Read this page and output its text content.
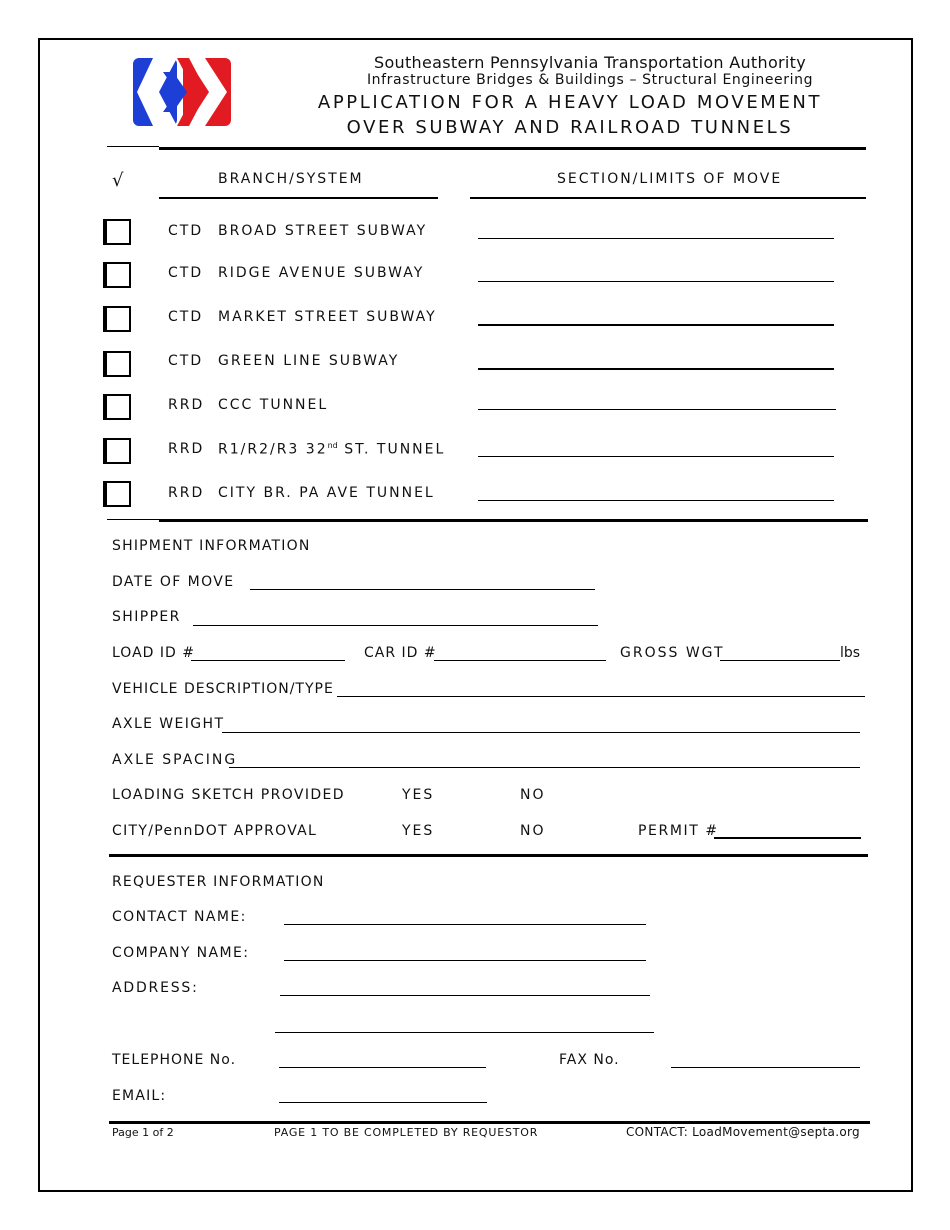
Southeastern Pennsylvania Transportation Authority
Infrastructure Bridges & Buildings – Structural Engineering
APPLICATION FOR A HEAVY LOAD MOVEMENT
OVER SUBWAY AND RAILROAD TUNNELS
√	BRANCH/SYSTEM	SECTION/LIMITS OF MOVE
CTD BROAD STREET SUBWAY
CTD RIDGE AVENUE SUBWAY
CTD MARKET STREET SUBWAY
CTD GREEN LINE SUBWAY
RRD CCC TUNNEL
RRD R1/R2/R3 32nd ST. TUNNEL
RRD CITY BR. PA AVE TUNNEL
SHIPMENT INFORMATION
DATE OF MOVE
SHIPPER
LOAD ID #	CAR ID #	GROSS WGT	lbs
VEHICLE DESCRIPTION/TYPE
AXLE WEIGHT
AXLE SPACING
LOADING SKETCH PROVIDED	YES	NO
CITY/PennDOT APPROVAL	YES	NO	PERMIT #
REQUESTER INFORMATION
CONTACT NAME:
COMPANY NAME:
ADDRESS:
TELEPHONE No.	FAX No.
EMAIL:
Page 1 of 2	PAGE 1 TO BE COMPLETED BY REQUESTOR	CONTACT: LoadMovement@septa.org
